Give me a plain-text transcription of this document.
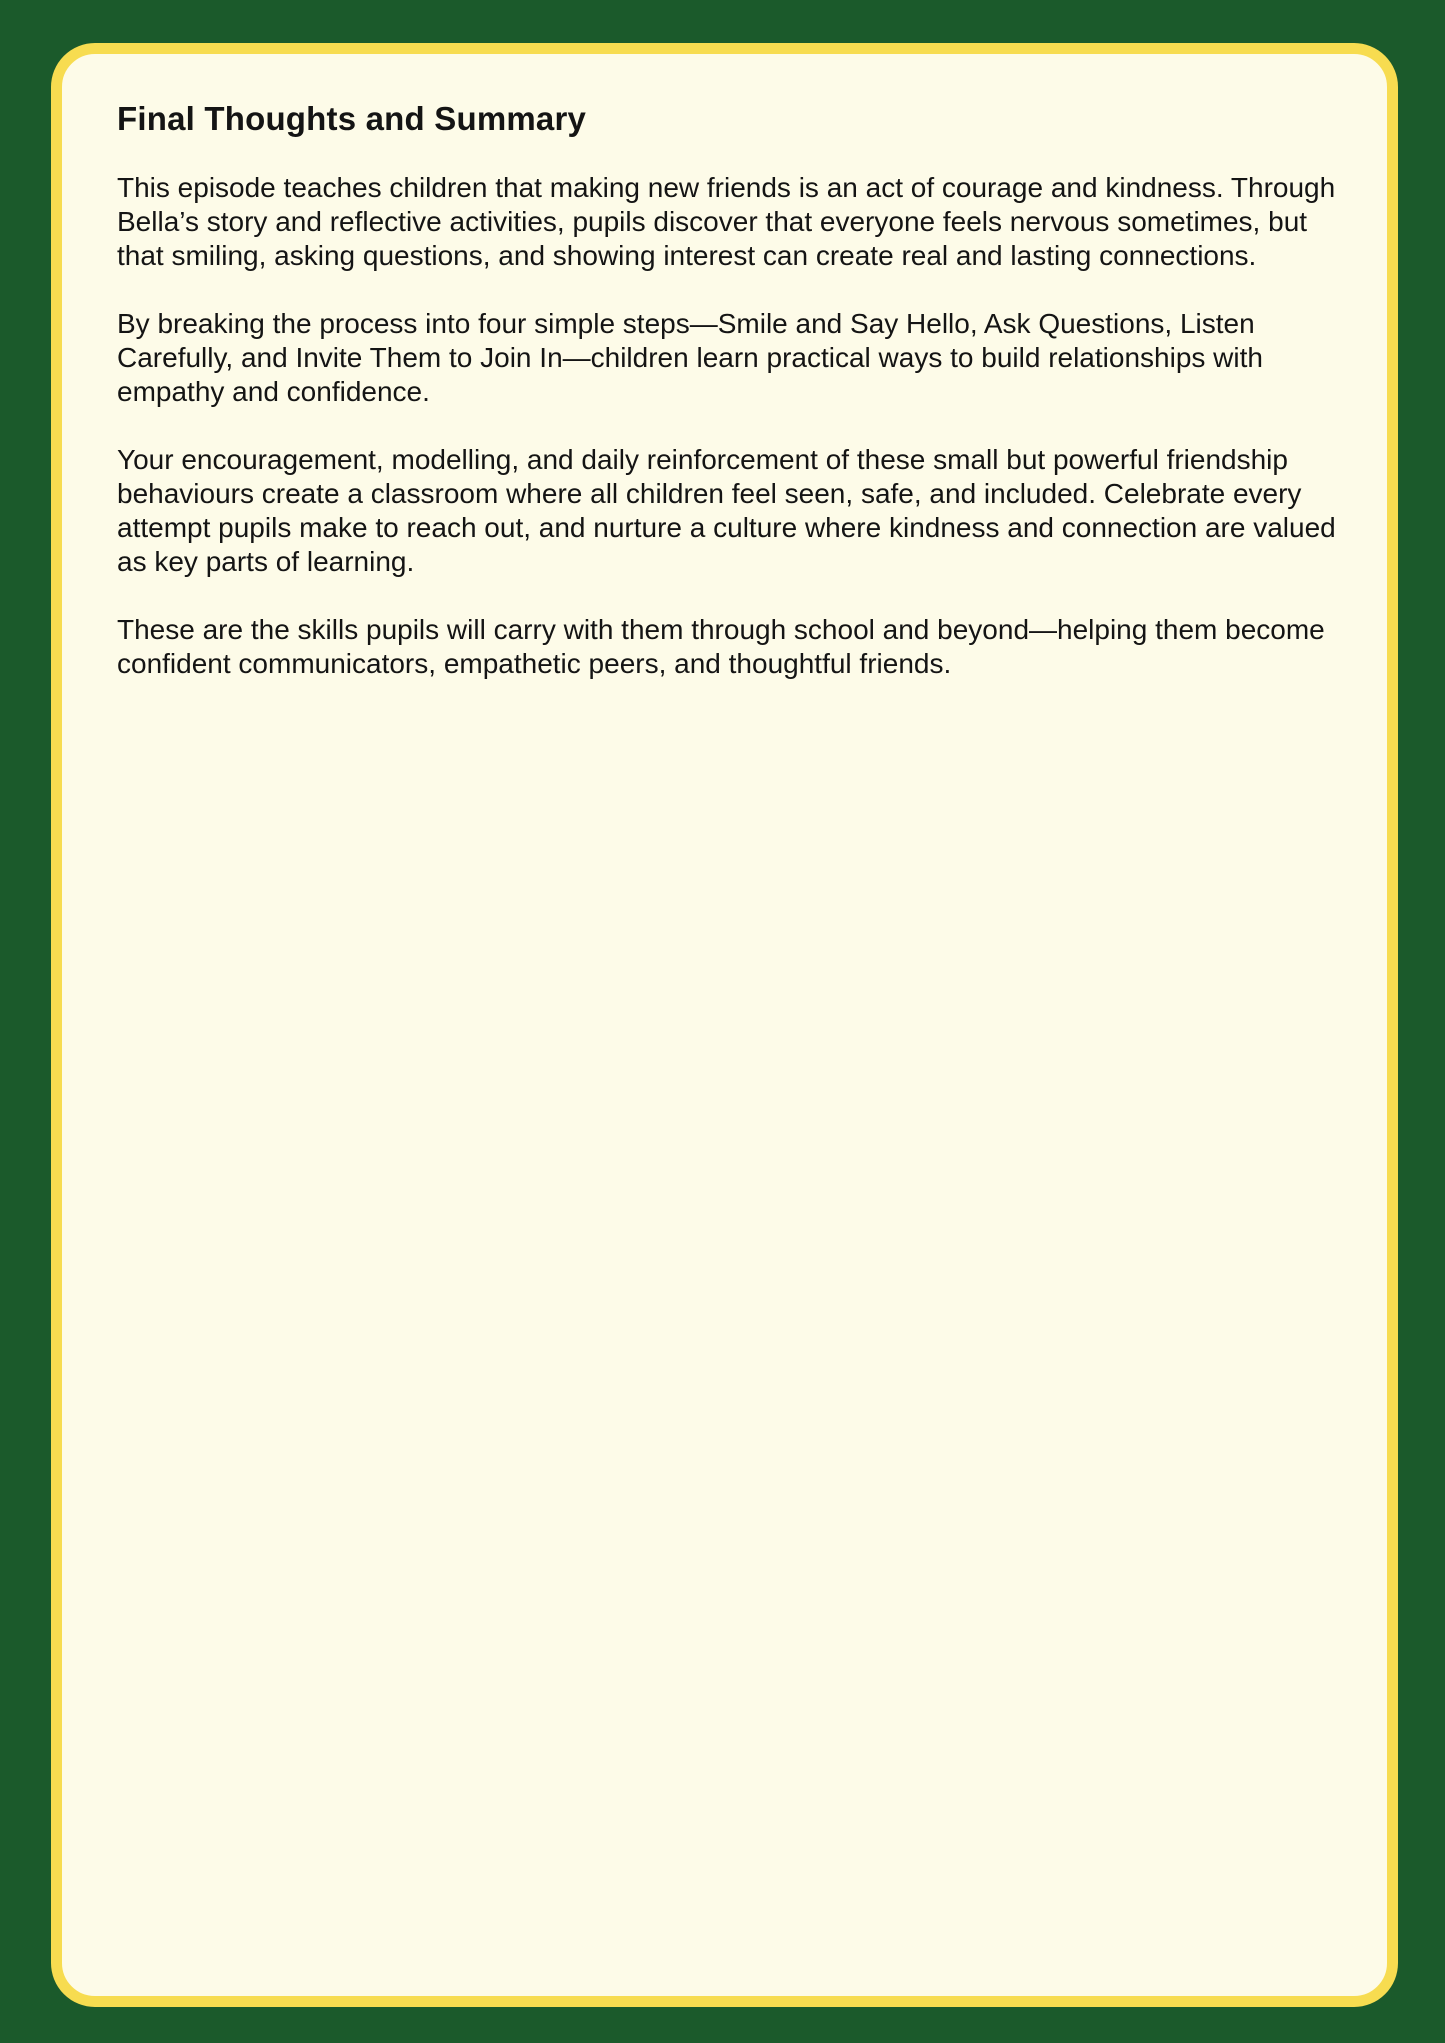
Final Thoughts and Summary

This episode teaches children that making new friends is an act of courage and kindness. Through Bella’s story and reflective activities, pupils discover that everyone feels nervous sometimes, but that smiling, asking questions, and showing interest can create real and lasting connections.

By breaking the process into four simple steps—Smile and Say Hello, Ask Questions, Listen Carefully, and Invite Them to Join In—children learn practical ways to build relationships with empathy and confidence.

Your encouragement, modelling, and daily reinforcement of these small but powerful friendship behaviours create a classroom where all children feel seen, safe, and included. Celebrate every attempt pupils make to reach out, and nurture a culture where kindness and connection are valued as key parts of learning.

These are the skills pupils will carry with them through school and beyond—helping them become confident communicators, empathetic peers, and thoughtful friends.
